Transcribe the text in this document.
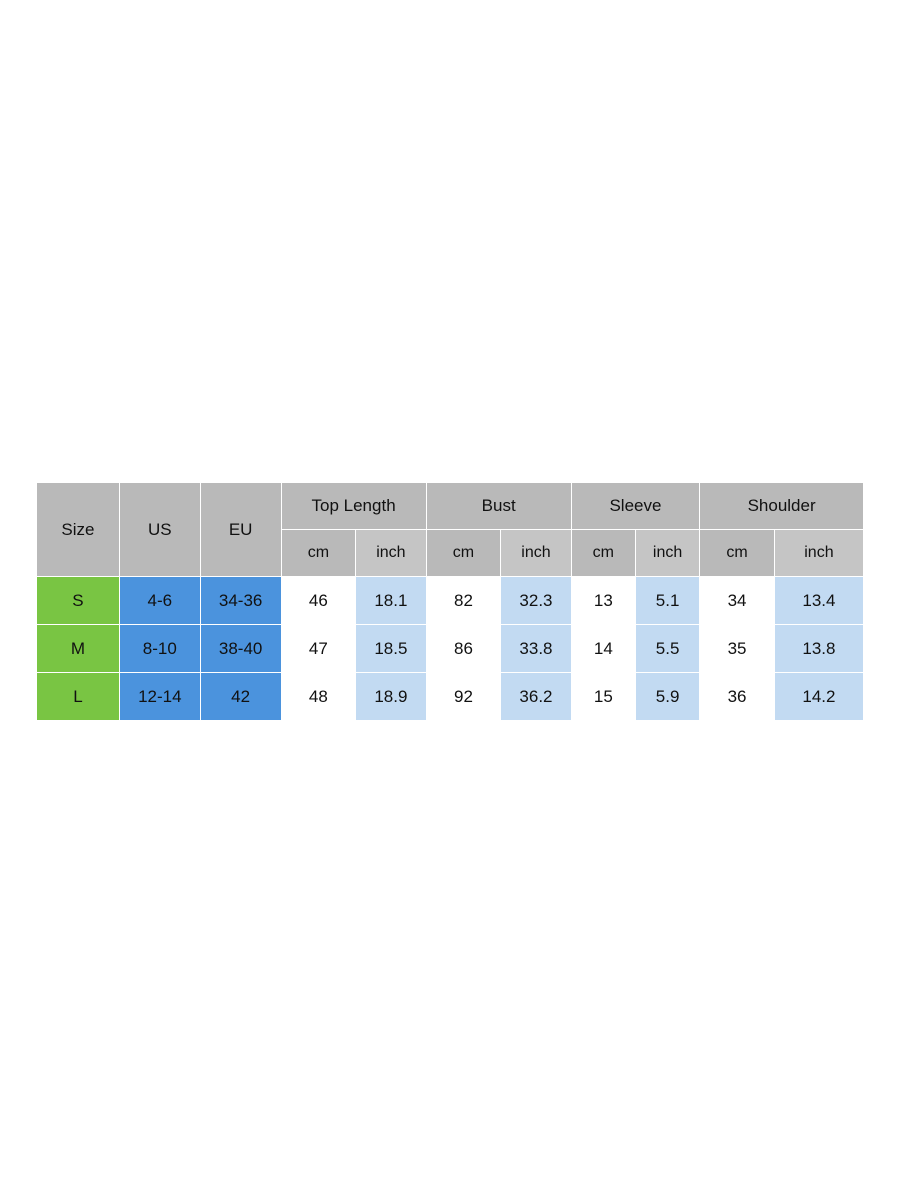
Size	US	EU	Top Length		Bust		Sleeve		Shoulder	
			cm	inch	cm	inch	cm	inch	cm	inch
S	4-6	34-36	46	18.1	82	32.3	13	5.1	34	13.4
M	8-10	38-40	47	18.5	86	33.8	14	5.5	35	13.8
L	12-14	42	48	18.9	92	36.2	15	5.9	36	14.2
